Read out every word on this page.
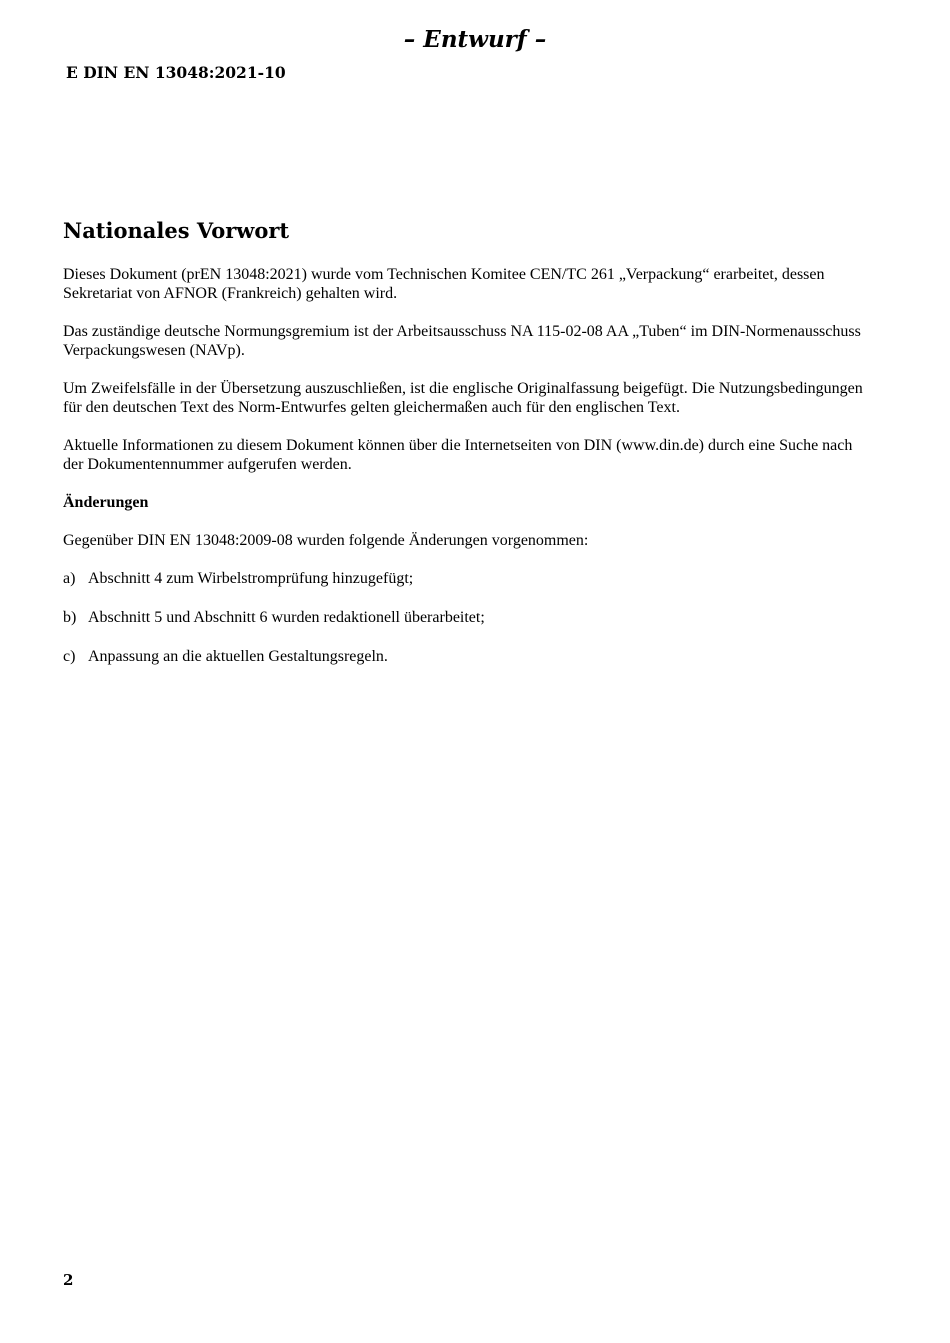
– Entwurf –
E DIN EN 13048:2021-10
Nationales Vorwort

Dieses Dokument (prEN 13048:2021) wurde vom Technischen Komitee CEN/TC 261 „Verpackung“ erarbeitet, dessen Sekretariat von AFNOR (Frankreich) gehalten wird.

Das zuständige deutsche Normungsgremium ist der Arbeitsausschuss NA 115-02-08 AA „Tuben“ im DIN-Normenausschuss Verpackungswesen (NAVp).

Um Zweifelsfälle in der Übersetzung auszuschließen, ist die englische Originalfassung beigefügt. Die Nutzungsbedingungen für den deutschen Text des Norm-Entwurfes gelten gleichermaßen auch für den englischen Text.

Aktuelle Informationen zu diesem Dokument können über die Internetseiten von DIN (www.din.de) durch eine Suche nach der Dokumentennummer aufgerufen werden.

Änderungen

Gegenüber DIN EN 13048:2009-08 wurden folgende Änderungen vorgenommen:

a) Abschnitt 4 zum Wirbelstromprüfung hinzugefügt;
b) Abschnitt 5 und Abschnitt 6 wurden redaktionell überarbeitet;
c) Anpassung an die aktuellen Gestaltungsregeln.
2
